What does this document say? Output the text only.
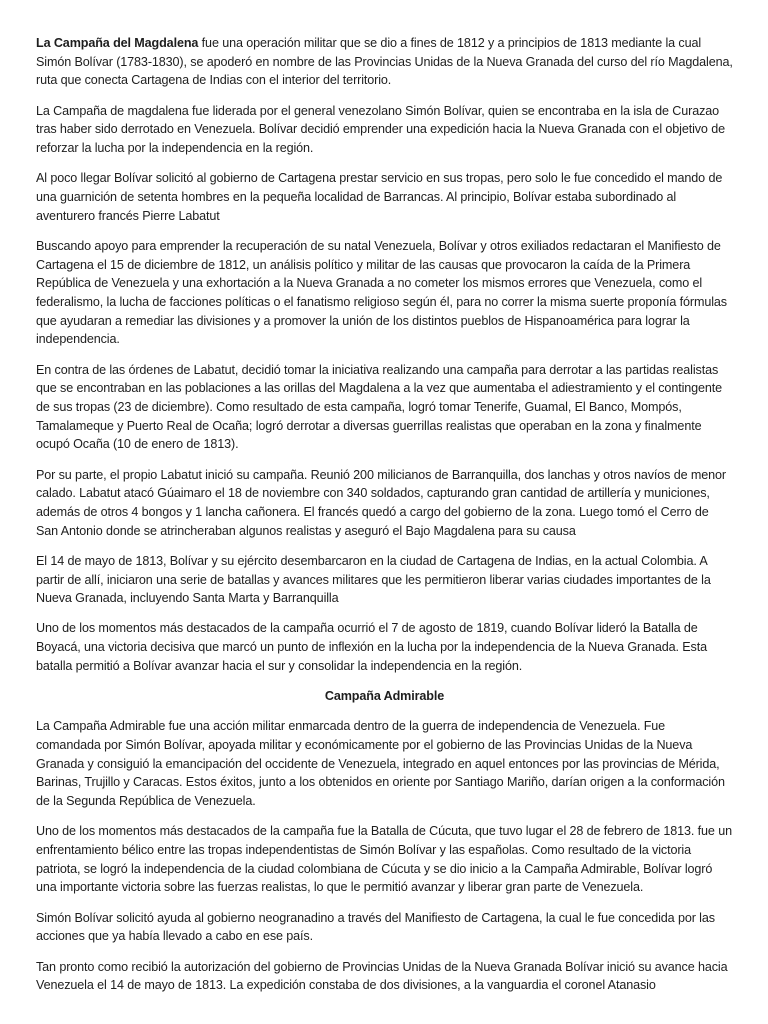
La Campaña del Magdalena fue una operación militar que se dio a fines de 1812 y a principios de 1813 mediante la cual Simón Bolívar (1783-1830), se apoderó en nombre de las Provincias Unidas de la Nueva Granada del curso del río Magdalena, ruta que conecta Cartagena de Indias con el interior del territorio.

La Campaña de magdalena fue liderada por el general venezolano Simón Bolívar, quien se encontraba en la isla de Curazao tras haber sido derrotado en Venezuela. Bolívar decidió emprender una expedición hacia la Nueva Granada con el objetivo de reforzar la lucha por la independencia en la región.

Al poco llegar Bolívar solicitó al gobierno de Cartagena prestar servicio en sus tropas, pero solo le fue concedido el mando de una guarnición de setenta hombres en la pequeña localidad de Barrancas. Al principio, Bolívar estaba subordinado al aventurero francés Pierre Labatut

Buscando apoyo para emprender la recuperación de su natal Venezuela, Bolívar y otros exiliados redactaran el Manifiesto de Cartagena el 15 de diciembre de 1812, un análisis político y militar de las causas que provocaron la caída de la Primera República de Venezuela y una exhortación a la Nueva Granada a no cometer los mismos errores que Venezuela, como el federalismo, la lucha de facciones políticas o el fanatismo religioso según él, para no correr la misma suerte proponía fórmulas que ayudaran a remediar las divisiones y a promover la unión de los distintos pueblos de Hispanoamérica para lograr la independencia.

En contra de las órdenes de Labatut, decidió tomar la iniciativa realizando una campaña para derrotar a las partidas realistas que se encontraban en las poblaciones a las orillas del Magdalena a la vez que aumentaba el adiestramiento y el contingente de sus tropas (23 de diciembre). Como resultado de esta campaña, logró tomar Tenerife, Guamal, El Banco, Mompós, Tamalameque y Puerto Real de Ocaña; logró derrotar a diversas guerrillas realistas que operaban en la zona y finalmente ocupó Ocaña (10 de enero de 1813).

Por su parte, el propio Labatut inició su campaña. Reunió 200 milicianos de Barranquilla, dos lanchas y otros navíos de menor calado. Labatut atacó Gúaimaro el 18 de noviembre con 340 soldados, capturando gran cantidad de artillería y municiones, además de otros 4 bongos y 1 lancha cañonera. El francés quedó a cargo del gobierno de la zona. Luego tomó el Cerro de San Antonio donde se atrincheraban algunos realistas y aseguró el Bajo Magdalena para su causa

El 14 de mayo de 1813, Bolívar y su ejército desembarcaron en la ciudad de Cartagena de Indias, en la actual Colombia. A partir de allí, iniciaron una serie de batallas y avances militares que les permitieron liberar varias ciudades importantes de la Nueva Granada, incluyendo Santa Marta y Barranquilla

Uno de los momentos más destacados de la campaña ocurrió el 7 de agosto de 1819, cuando Bolívar lideró la Batalla de Boyacá, una victoria decisiva que marcó un punto de inflexión en la lucha por la independencia de la Nueva Granada. Esta batalla permitió a Bolívar avanzar hacia el sur y consolidar la independencia en la región.

Campaña Admirable

La Campaña Admirable fue una acción militar enmarcada dentro de la guerra de independencia de Venezuela. Fue comandada por Simón Bolívar, apoyada militar y económicamente por el gobierno de las Provincias Unidas de la Nueva Granada y consiguió la emancipación del occidente de Venezuela, integrado en aquel entonces por las provincias de Mérida, Barinas, Trujillo y Caracas. Estos éxitos, junto a los obtenidos en oriente por Santiago Mariño, darían origen a la conformación de la Segunda República de Venezuela.

Uno de los momentos más destacados de la campaña fue la Batalla de Cúcuta, que tuvo lugar el 28 de febrero de 1813. fue un enfrentamiento bélico entre las tropas independentistas de Simón Bolívar y las españolas. Como resultado de la victoria patriota, se logró la independencia de la ciudad colombiana de Cúcuta y se dio inicio a la Campaña Admirable, Bolívar logró una importante victoria sobre las fuerzas realistas, lo que le permitió avanzar y liberar gran parte de Venezuela.

Simón Bolívar solicitó ayuda al gobierno neogranadino a través del Manifiesto de Cartagena, la cual le fue concedida por las acciones que ya había llevado a cabo en ese país.

Tan pronto como recibió la autorización del gobierno de Provincias Unidas de la Nueva Granada Bolívar inició su avance hacia Venezuela el 14 de mayo de 1813. La expedición constaba de dos divisiones, a la vanguardia el coronel Atanasio
